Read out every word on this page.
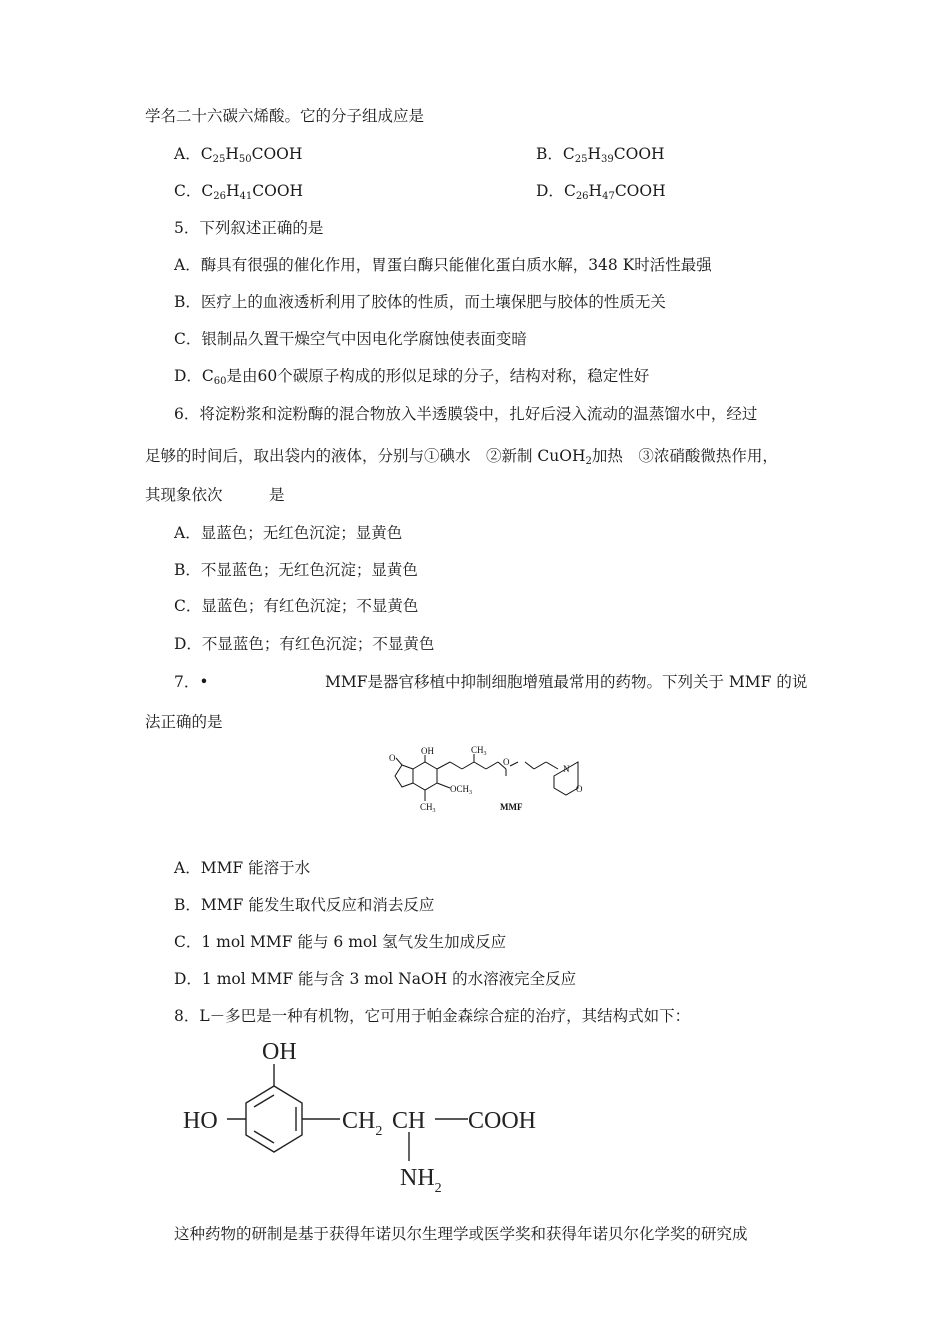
学名二十六碳六烯酸。它的分子组成应是
A．$C_{25}H_{50}COOH$	B．$C_{25}H_{39}COOH$
C．$C_{26}H_{41}COOH$	D．$C_{26}H_{47}COOH$
5．下列叙述正确的是
A．酶具有很强的催化作用，胃蛋白酶只能催化蛋白质水解，348 K时活性最强
B．医疗上的血液透析利用了胶体的性质，而土壤保肥与胶体的性质无关
C．银制品久置干燥空气中因电化学腐蚀使表面变暗
D．$C_{60}$是由60个碳原子构成的形似足球的分子，结构对称，稳定性好
6．将淀粉浆和淀粉酶的混合物放入半透膜袋中，扎好后浸入流动的温蒸馏水中，经过
足够的时间后，取出袋内的液体，分别与①碘水　②新制 CuOH$_2$加热　③浓硝酸微热作用，
其现象依次　　　是
A．显蓝色；无红色沉淀；显黄色
B．不显蓝色；无红色沉淀；显黄色
C．显蓝色；有红色沉淀；不显黄色
D．不显蓝色；有红色沉淀；不显黄色
7．•	MMF是器官移植中抑制细胞增殖最常用的药物。下列关于 MMF 的说
法正确的是
O
OH	$CH_3$
O
N
O
$OCH_3$
$CH_3$	MMF
A．MMF 能溶于水
B．MMF 能发生取代反应和消去反应
C．1 mol MMF 能与 6 mol 氢气发生加成反应
D．1 mol MMF 能与含 3 mol NaOH 的水溶液完全反应
8．L－多巴是一种有机物，它可用于帕金森综合症的治疗，其结构式如下：
OH
HO	$CH_2$ CH COOH
$NH_2$
这种药物的研制是基于获得年诺贝尔生理学或医学奖和获得年诺贝尔化学奖的研究成
